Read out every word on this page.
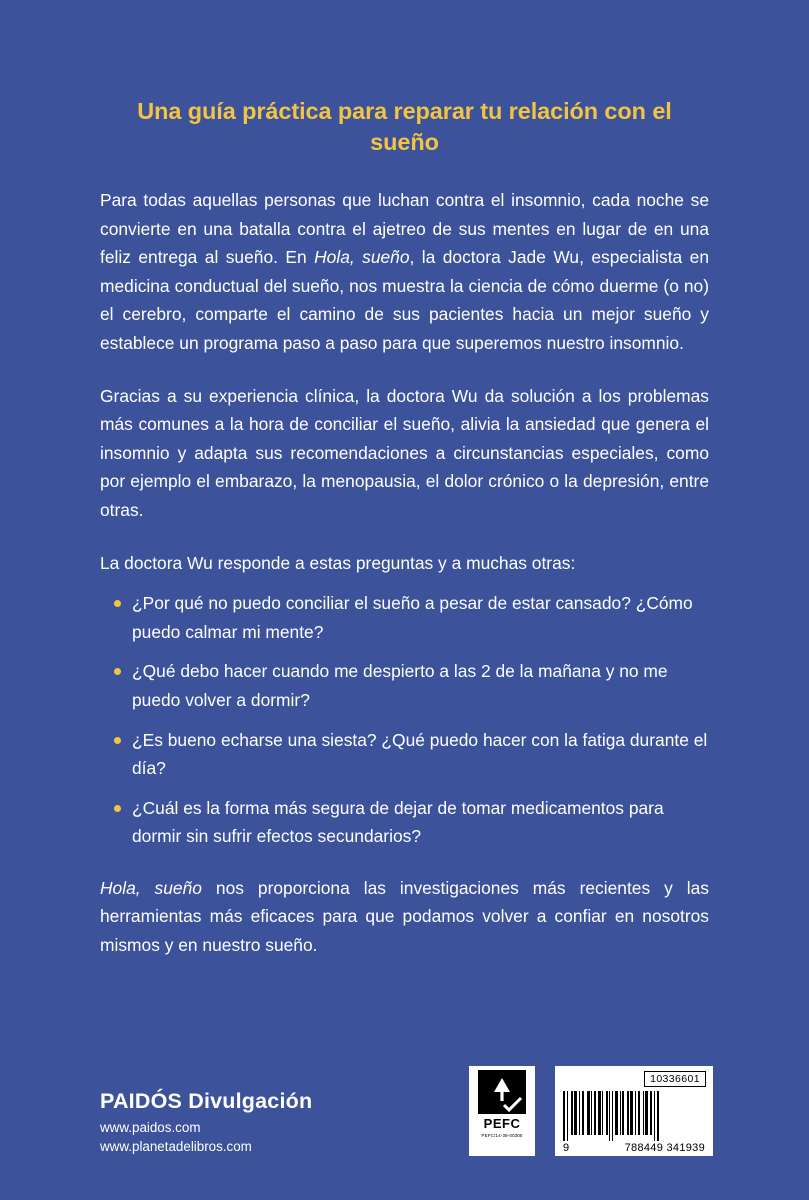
Una guía práctica para reparar tu relación con el sueño

Para todas aquellas personas que luchan contra el insomnio, cada noche se convierte en una batalla contra el ajetreo de sus mentes en lugar de en una feliz entrega al sueño. En Hola, sueño, la doctora Jade Wu, especialista en medicina conductual del sueño, nos muestra la ciencia de cómo duerme (o no) el cerebro, comparte el camino de sus pacientes hacia un mejor sueño y establece un programa paso a paso para que superemos nuestro insomnio.

Gracias a su experiencia clínica, la doctora Wu da solución a los problemas más comunes a la hora de conciliar el sueño, alivia la ansiedad que genera el insomnio y adapta sus recomendaciones a circunstancias especiales, como por ejemplo el embarazo, la menopausia, el dolor crónico o la depresión, entre otras.

La doctora Wu responde a estas preguntas y a muchas otras:

¿Por qué no puedo conciliar el sueño a pesar de estar cansado? ¿Cómo puedo calmar mi mente?
¿Qué debo hacer cuando me despierto a las 2 de la mañana y no me puedo volver a dormir?
¿Es bueno echarse una siesta? ¿Qué puedo hacer con la fatiga durante el día?
¿Cuál es la forma más segura de dejar de tomar medicamentos para dormir sin sufrir efectos secundarios?

Hola, sueño nos proporciona las investigaciones más recientes y las herramientas más eficaces para que podamos volver a confiar en nosotros mismos y en nuestro sueño.

PAIDÓS Divulgación
www.paidos.com
www.planetadelibros.com
PEFC
PEFC/14-38-00305
10336601
9	788449 341939
